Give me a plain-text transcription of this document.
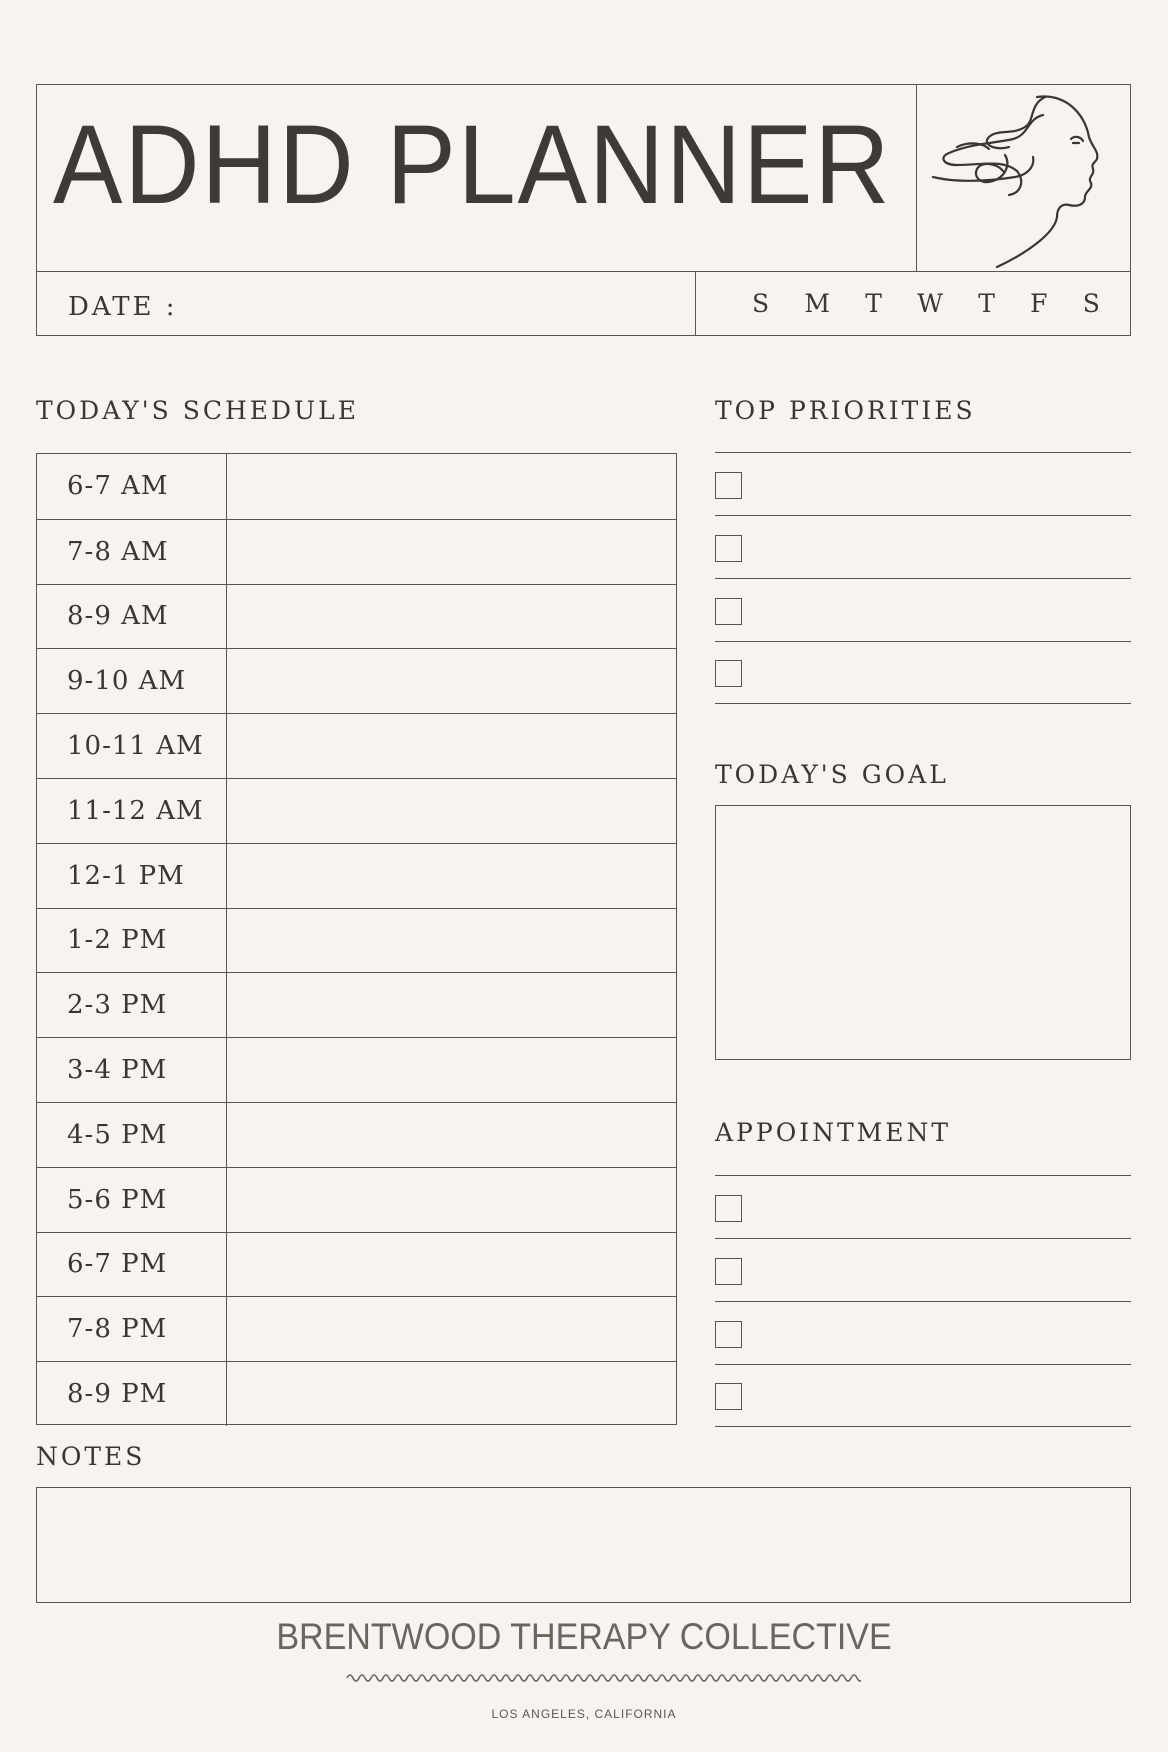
ADHD PLANNER
DATE :	S M T W T F S
TODAY'S SCHEDULE
6-7 AM
7-8 AM
8-9 AM
9-10 AM
10-11 AM
11-12 AM
12-1 PM
1-2 PM
2-3 PM
3-4 PM
4-5 PM
5-6 PM
6-7 PM
7-8 PM
8-9 PM
TOP PRIORITIES
TODAY'S GOAL
APPOINTMENT
NOTES
BRENTWOOD THERAPY COLLECTIVE
LOS ANGELES, CALIFORNIA
